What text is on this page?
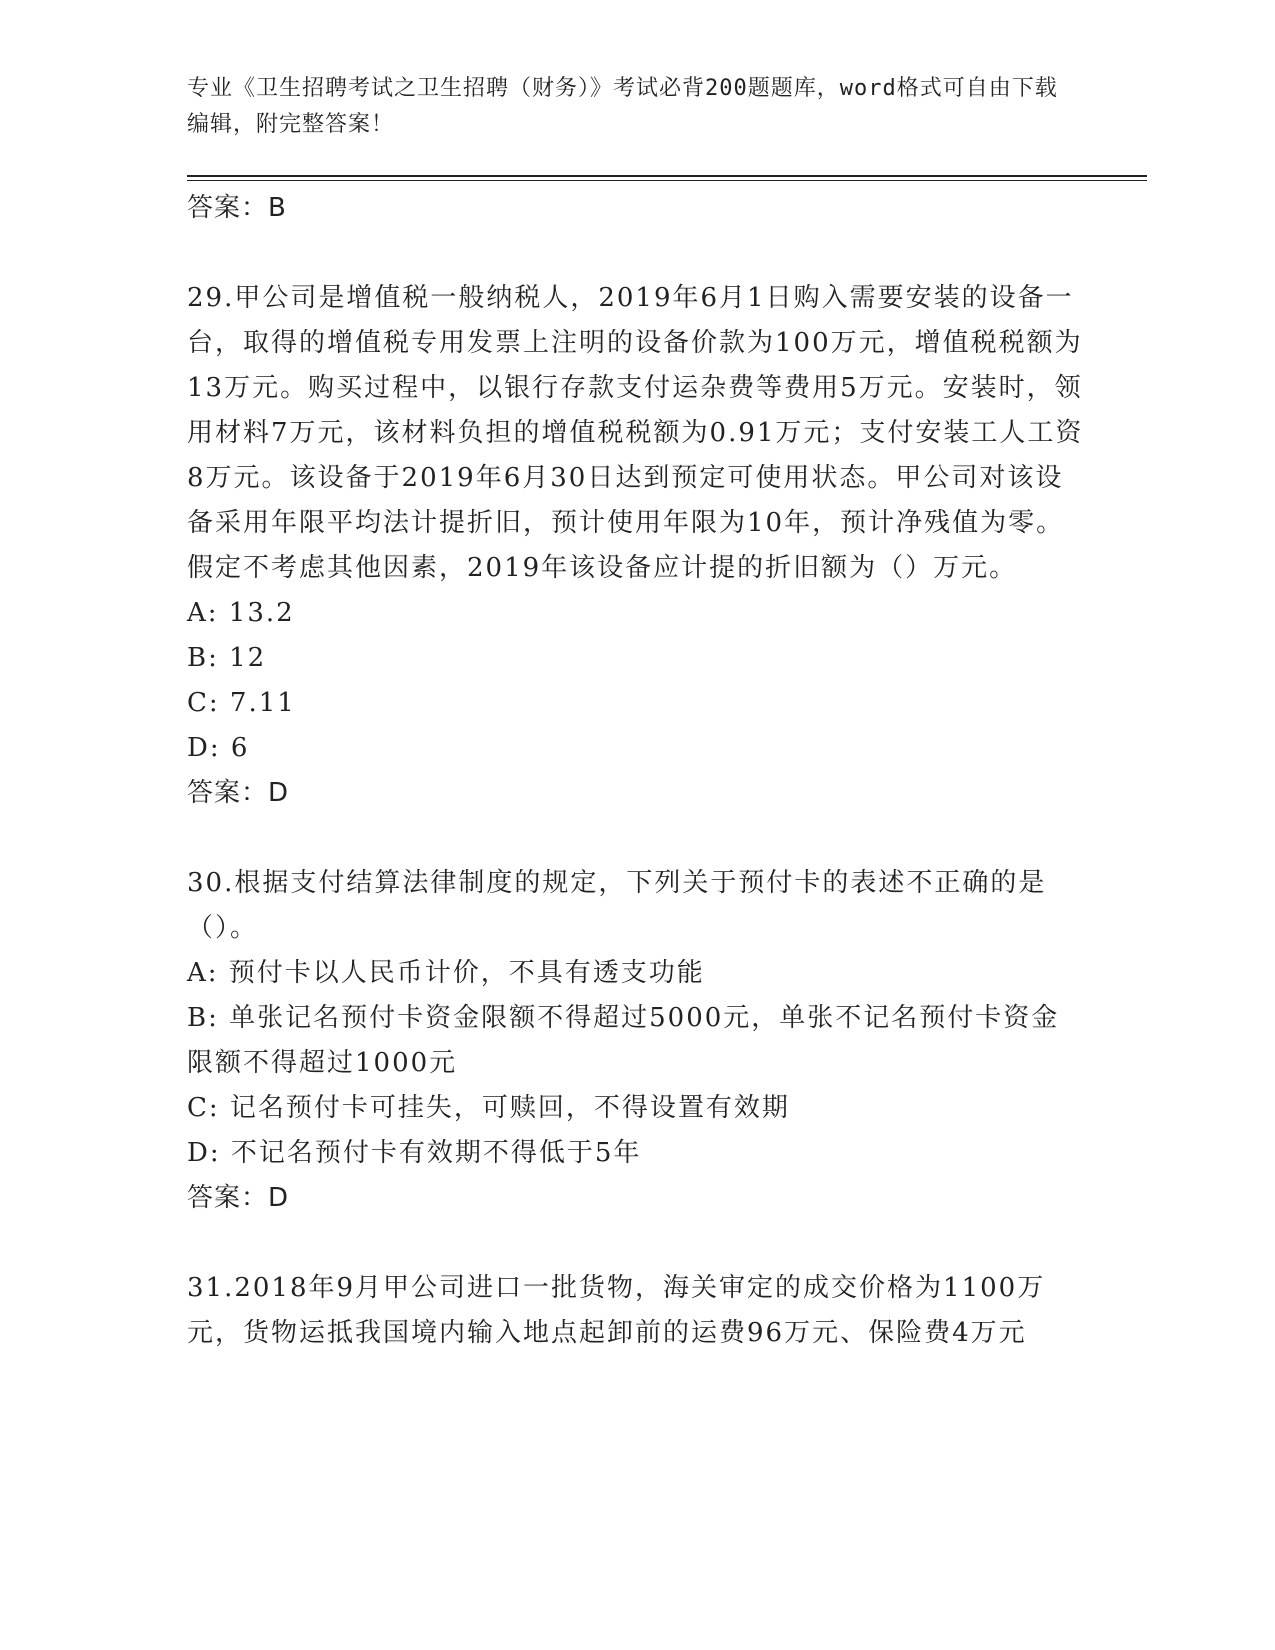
专业《卫生招聘考试之卫生招聘（财务）》考试必背200题题库，word格式可自由下载编辑，附完整答案！

答案：B

29.甲公司是增值税一般纳税人，2019年6月1日购入需要安装的设备一台，取得的增值税专用发票上注明的设备价款为100万元，增值税税额为13万元。购买过程中，以银行存款支付运杂费等费用5万元。安装时，领用材料7万元，该材料负担的增值税税额为0.91万元；支付安装工人工资8万元。该设备于2019年6月30日达到预定可使用状态。甲公司对该设备采用年限平均法计提折旧，预计使用年限为10年，预计净残值为零。假定不考虑其他因素，2019年该设备应计提的折旧额为（）万元。

A: 13.2

B: 12

C: 7.11

D: 6

答案：D

30.根据支付结算法律制度的规定，下列关于预付卡的表述不正确的是（）。

A: 预付卡以人民币计价，不具有透支功能

B: 单张记名预付卡资金限额不得超过5000元，单张不记名预付卡资金限额不得超过1000元

C: 记名预付卡可挂失，可赎回，不得设置有效期

D: 不记名预付卡有效期不得低于5年

答案：D

31.2018年9月甲公司进口一批货物，海关审定的成交价格为1100万元，货物运抵我国境内输入地点起卸前的运费96万元、保险费4万元
